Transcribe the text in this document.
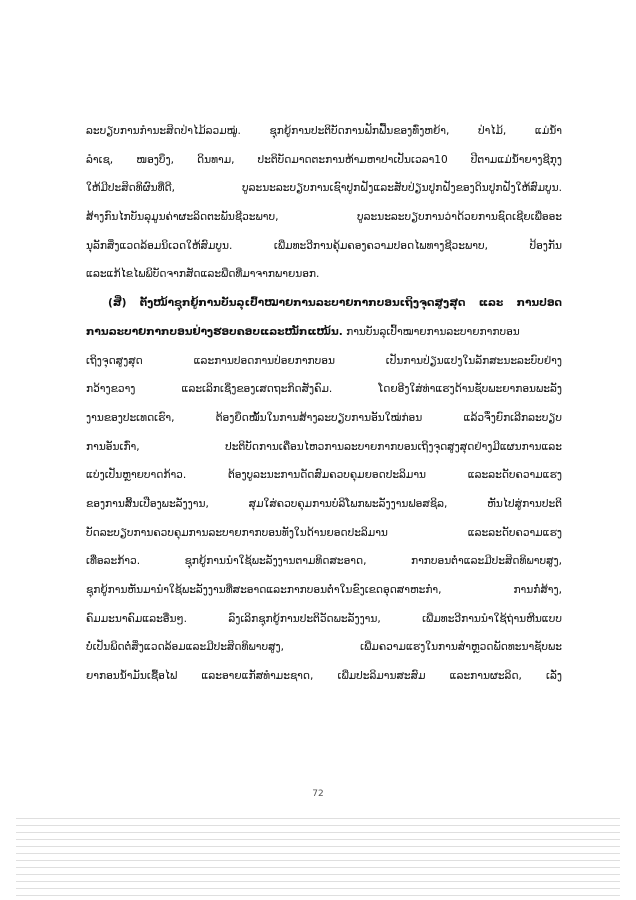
ລະບຽບການກຳນະສິດປ່າໄມ້ລວມໝູ່. ຊຸກຍູ້ການປະຕິບັດການຟັກຟື້ນຂອງທົ່ງຫຍ້າ, ປ່າໄມ້, ແມ່ນ້ຳ
ລຳເຊ, ໜອງບຶງ, ດິນທາມ, ປະຕິບັດມາດຕະການຫ້າມຫາປາເປັນເວລາ10 ປີຕາມແມ່ນ້ຳຍາງຊີກຸງ
ໃຫ້ມີປະສິດທິຜົນທີ່ດີ, ບູລະນະລະບຽບການເຊົາປູກຝັງແລະສັບປ່ຽນປູກຝັງຂອງດິນປູກຝັງໃຫ້ສົມບູນ.
ສ້າງກົນໄກບັນລຸມູນຄ່າຜະລິດຕະພັນຊີວະພາບ, ບູລະນະລະບຽບການວ່າດ້ວຍການຊົດເຊີຍເພື່ອອະ
ນຸລັກສິ່ງແວດລ້ອມນິເວດໃຫ້ສົມບູນ. ເພີ່ມທະວີການຄຸ້ມຄອງຄວາມປອດໄພທາງຊີວະພາບ, ປ້ອງກັນ
ແລະແກ້ໄຂໄພພິບັດຈາກສັດແລະພືດທີ່ມາຈາກພາຍນອກ.
(ສີ່) ຕັ້ງໜ້າຊຸກຍູ້ການບັນລຸເປົ້າໝາຍການລະບາຍກາກບອນເຖິງຈຸດສູງສຸດ ແລະ ການປອດ
ການລະບາຍກາກບອນຢ່າງຮອບຄອບແລະໜັກແໜ້ນ. ການບັນລຸເປົ້າໝາຍການລະບາຍກາກບອນ
ເຖິງຈຸດສູງສຸດ ແລະການປອດການປ່ອຍກາກບອນ ເປັນການປ່ຽນແປງໃນລັກສະນະລະບົບຢ່າງ
ກວ້າງຂວາງ ແລະເລິກເຊິ່ງຂອງເສດຖະກິດສັງຄົມ. ໂດຍອີງໃສ່ທ່າແຮງດ້ານຊັບພະຍາກອນພະລັງ
ງານຂອງປະເທດເຮົາ, ຕ້ອງຍຶດໝັ້ນໃນການສ້າງລະບຽບການອັນໃໝ່ກ່ອນ ແລ້ວຈຶ່ງຍົກເລີກລະບຽບ
ການອັນເກົ່າ, ປະຕິບັດການເຄື່ອນໄຫວການລະບາຍກາກບອນເຖິງຈຸດສູງສຸດຢ່າງມີແຜນການແລະ
ແບ່ງເປັນຫຼາຍບາດກ້າວ. ຕ້ອງບູລະນະການດັດສົມຄວບຄຸມຍອດປະລິມານ ແລະລະດັບຄວາມແຮງ
ຂອງການສິ້ນເປືອງພະລັງງານ, ສຸມໃສ່ຄວບຄຸມການບໍລິໂພກພະລັງງານຟອສຊິລ, ຫັນໄປສູ່ການປະຕິ
ບັດລະບຽບການຄວບຄຸມການລະບາຍກາກບອນທັງໃນດ້ານຍອດປະລິມານ ແລະລະດັບຄວາມແຮງ
ເທື່ອລະກ້າວ. ຊຸກຍູ້ການນຳໃຊ້ພະລັງງານຕາມທິດສະອາດ, ກາກບອນຕ່ຳແລະມີປະສິດທິພາບສູງ,
ຊຸກຍູ້ການຫັນມານຳໃຊ້ພະລັງງານທີ່ສະອາດແລະກາກບອນຕ່ຳໃນຂົງເຂດອຸດສາຫະກຳ, ການກໍ່ສ້າງ,
ຄົມມະນາຄົມແລະອື່ນໆ. ລົງເລິກຊຸກຍູ້ການປະຕິວັດພະລັງງານ, ເພີ່ມທະວີການນຳໃຊ້ຖ່ານຫີນແບບ
ບໍ່ເປັນພິດຕໍ່ສິ່ງແວດລ້ອມແລະມີປະສິດທິພາບສູງ, ເພີ່ມຄວາມແຮງໃນການສຳຫຼວດພັດທະນາຊັບພະ
ຍາກອນນ້ຳມັນເຊື້ອໄຟ ແລະອາຍແກັສທຳມະຊາດ, ເພີ່ມປະລິມານສະສົມ ແລະການຜະລິດ, ເລັ່ງ
72
